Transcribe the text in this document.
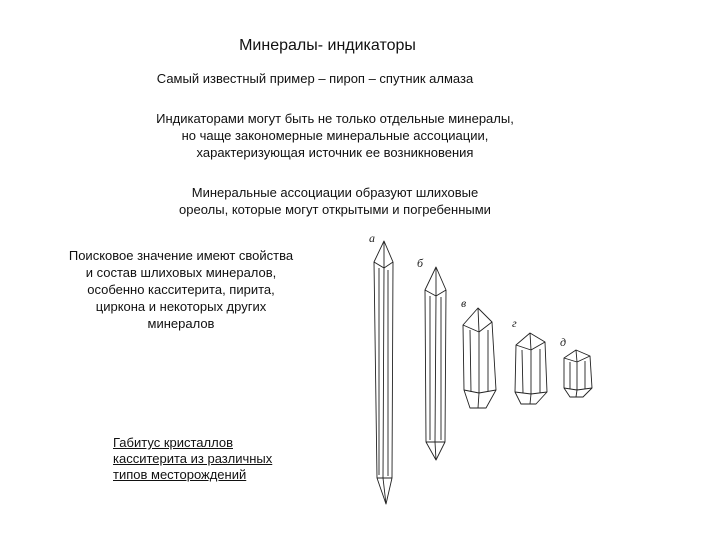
Минералы- индикаторы
Самый известный пример – пироп – спутник алмаза
Индикаторами могут быть не только отдельные минералы,
но чаще закономерные минеральные ассоциации,
характеризующая источник ее возникновения
Минеральные ассоциации образуют шлиховые
ореолы, которые могут открытыми и погребенными
Поисковое значение имеют свойства
и состав шлиховых минералов,
особенно касситерита, пирита,
циркона и некоторых других
минералов
Габитус кристаллов
касситерита из различных
типов месторождений
а
б
в
г
д
